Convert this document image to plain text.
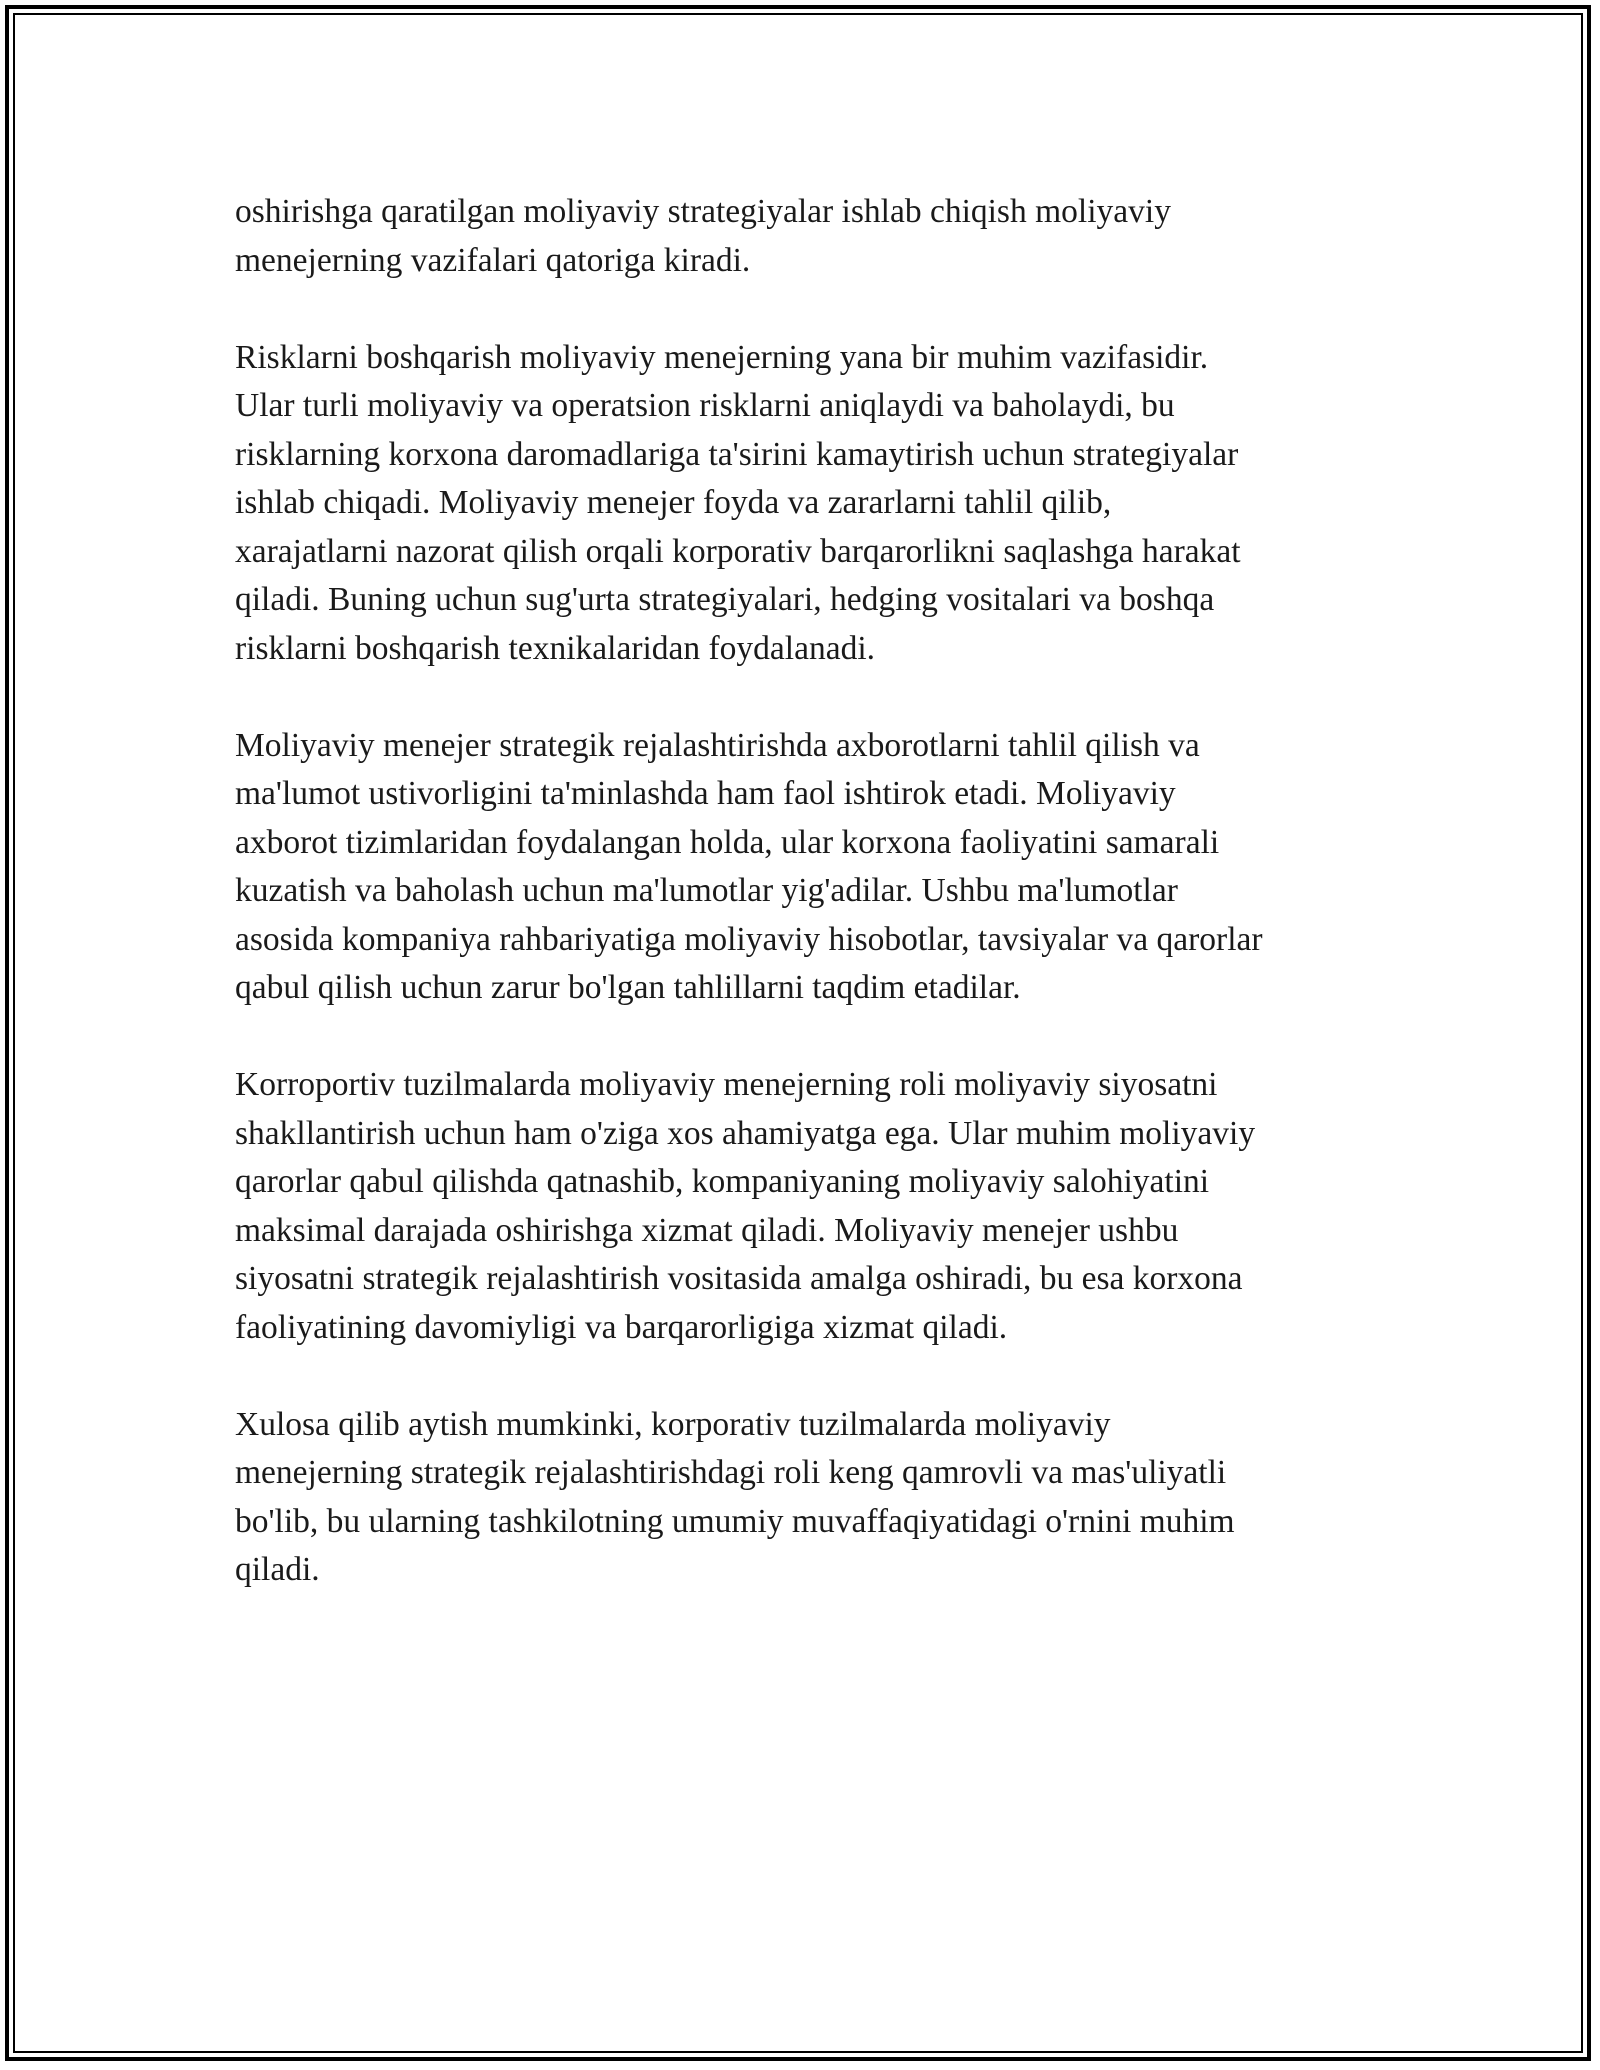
oshirishga qaratilgan moliyaviy strategiyalar ishlab chiqish moliyaviy
menejerning vazifalari qatoriga kiradi.

Risklarni boshqarish moliyaviy menejerning yana bir muhim vazifasidir.
Ular turli moliyaviy va operatsion risklarni aniqlaydi va baholaydi, bu
risklarning korxona daromadlariga ta'sirini kamaytirish uchun strategiyalar
ishlab chiqadi. Moliyaviy menejer foyda va zararlarni tahlil qilib,
xarajatlarni nazorat qilish orqali korporativ barqarorlikni saqlashga harakat
qiladi. Buning uchun sug'urta strategiyalari, hedging vositalari va boshqa
risklarni boshqarish texnikalaridan foydalanadi.

Moliyaviy menejer strategik rejalashtirishda axborotlarni tahlil qilish va
ma'lumot ustivorligini ta'minlashda ham faol ishtirok etadi. Moliyaviy
axborot tizimlaridan foydalangan holda, ular korxona faoliyatini samarali
kuzatish va baholash uchun ma'lumotlar yig'adilar. Ushbu ma'lumotlar
asosida kompaniya rahbariyatiga moliyaviy hisobotlar, tavsiyalar va qarorlar
qabul qilish uchun zarur bo'lgan tahlillarni taqdim etadilar.

Korroportiv tuzilmalarda moliyaviy menejerning roli moliyaviy siyosatni
shakllantirish uchun ham o'ziga xos ahamiyatga ega. Ular muhim moliyaviy
qarorlar qabul qilishda qatnashib, kompaniyaning moliyaviy salohiyatini
maksimal darajada oshirishga xizmat qiladi. Moliyaviy menejer ushbu
siyosatni strategik rejalashtirish vositasida amalga oshiradi, bu esa korxona
faoliyatining davomiyligi va barqarorligiga xizmat qiladi.

Xulosa qilib aytish mumkinki, korporativ tuzilmalarda moliyaviy
menejerning strategik rejalashtirishdagi roli keng qamrovli va mas'uliyatli
bo'lib, bu ularning tashkilotning umumiy muvaffaqiyatidagi o'rnini muhim
qiladi.
